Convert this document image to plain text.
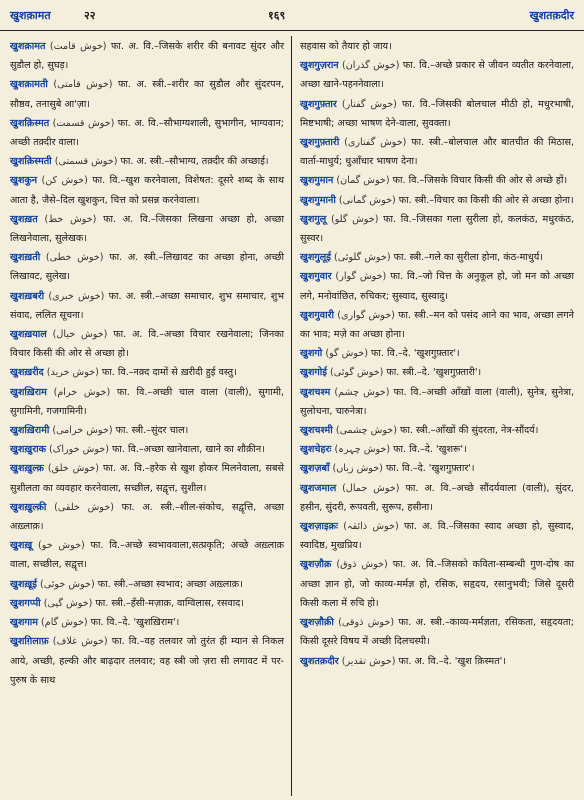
खुशक़ामत	२२	१६९	खुशतक़दीर

खुशक़ामत (خوش قامت) फा. अ. वि.–जिसके शरीर की बनावट सुंदर और सुडौल हो, सुघड़।

खुशक़ामती (خوش قامتی) फा. अ. स्त्री.–शरीर का सुडौल और सुंदरपन, सौष्ठव, तनासुबे आ'ज़ा।

खुशक़िस्मत (خوش قسمت) फा. अ. वि.–सौभाग्यशाली, सुभागीन, भाग्यवान; अच्छी तक़्दीर वाला।

खुशक़िस्मती (خوش قسمتی) फा. अ. स्त्री.–सौभाग्य, तक़्दीर की अच्छाई।

खुशकुन (خوش کن) फा. वि.–खुश करनेवाला, विशेषत: दूसरे शब्द के साथ आता है, जैसे–दिल खुशकुन, चित्त को प्रसन्न करनेवाला।

खुशख़त (خوش خط) फा. अ. वि.–जिसका लिखना अच्छा हो, अच्छा लिखनेवाला, सुलेखक।

खुशख़ती (خوش خطی) फा. अ. स्त्री.–लिखावट का अच्छा होना, अच्छी लिखावट, सुलेख।

खुशख़बरी (خوش خبری) फा. अ. स्त्री.–अच्छा समाचार, शुभ समाचार, शुभ संवाद, ललित सूचना।

खुशख़याल (خوش خیال) फा. अ. वि.–अच्छा विचार रखनेवाला; जिनका विचार किसी की ओर से अच्छा हो।

खुशख़रीद (خوش خرید) फा. वि.–नक़्द दामों से ख़रीदी हुई वस्तु।

खुशख़िराम (خوش خرام) फा. वि.–अच्छी चाल वाला (वाली), सुगामी, सुगामिनी, गजगामिनी।

खुशख़िरामी (خوش خرامی) फा. स्त्री.–सुंदर चाल।

खुशख़ुराक (خوش خوراک) फा. वि.–अच्छा खानेवाला, खाने का शौक़ीन।

खुशख़ुल्क़ (خوش خلق) फा. अ. वि.–हरेक से खुश होकर मिलनेवाला, सबसे सुशीलता का व्यवहार करनेवाला, सच्छील, सद्वृत्त, सुशील।

खुशख़ुल्क़ी (خوش خلقی) फा. अ. स्त्री.–शील-संकोच, सद्वृत्ति, अच्छा अख़्लाक़।

खुशख़ू (خوش خو) फा. वि.–अच्छे स्वभाववाला,सत्प्रकृति; अच्छे अख़्लाक़ वाला, सच्छील, सद्वृत्त।

खुशख़ूई (خوش خوئی) फा. स्त्री.–अच्छा स्वभाव; अच्छा अख़्लाक़।

खुशगप्पी (خوش گپی) फा. स्त्री.–हँसी-मज़ाक़, वाग्विलास, रसवाद।

खुशगाम (خوش گام) फा. वि.–दे. 'खुशख़िराम'।

खुशग़िलाफ़ (خوش غلاف) फा. वि.–वह तलवार जो तुरंत ही म्यान से निकल आये, अच्छी, हल्की और बाढ़दार तलवार; वह स्त्री जो ज़रा सी लगावट में पर-पुरुष के साथ

सहवास को तैयार हो जाय।

खुशगुज़रान (خوش گذران) फा. वि.–अच्छे प्रकार से जीवन व्यतीत करनेवाला, अच्छा खाने-पहननेवाला।

खुशगुफ़्तार (خوش گفتار) फा. वि.–जिसकी बोलचाल मीठी हो, मधुरभाषी, मिष्टभाषी; अच्छा भाषण देने-वाला, सुवक्ता।

खुशगुफ़्तारी (خوش گفتاری) फा. स्त्री.–बोलचाल और बातचीत की मिठास, वार्ता-माधुर्य; धुआँधार भाषण देना।

खुशगुमान (خوش گمان) फा. वि.–जिसके विचार किसी की ओर से अच्छे हों।

खुशगुमानी (خوش گمانی) फा. स्त्री.–विचार का किसी की ओर से अच्छा होना।

खुशगुलू (خوش گلو) फा. वि.–जिसका गला सुरीला हो, कलकंठ, मधुरकंठ, सुस्वर।

खुशगुलूई (خوش گلوئی) फा. स्त्री.–गले का सुरीला होना, कंठ-माधुर्य।

खुशगुवार (خوش گوار) फा. वि.–जो चित्त के अनुकूल हो, जो मन को अच्छा लगे, मनोवांछित, रुचिकर; सुस्वाद, सुस्वादु।

खुशगुवारी (خوش گواری) फा. स्त्री.–मन को पसंद आने का भाव, अच्छा लगने का भाव; मज़े का अच्छा होना।

खुशगो (خوش گو) फा. वि.–दे. 'खुशगुफ़्तार'।

खुशगोई (خوش گوئی) फा. स्त्री.–दे. 'खुशगुफ़्तारी'।

खुशचश्म (خوش چشم) फा. वि.–अच्छी आँखों वाला (वाली), सुनेत्र, सुनेत्रा, सुलोचना, चारुनेत्रा।

खुशचश्मी (خوش چشمی) फा. स्त्री.–आँखों की सुंदरता, नेत्र-सौंदर्य।

खुशचेहरः (خوش چہرہ) फा. वि.–दे. 'खुशरू'।

खुशज़बाँ (خوش زباں) फा. वि.–दे. 'खुशगुफ़्तार'।

खुशजमाल (خوش جمال) फा. अ. वि.–अच्छे सौंदर्यवाला (वाली), सुंदर, हसीन, सुंदरी, रूपवती, सुरूप, हसीना।

खुशज़ाइक़ः (خوش ذائقہ) फा. अ. वि.–जिसका स्वाद अच्छा हो, सुस्वाद, स्वादिष्ठ, मुखप्रिय।

खुशज़ौक़ (خوش ذوق) फा. अ. वि.–जिसको कविता-सम्बन्धी गुण-दोष का अच्छा ज्ञान हो, जो काव्य-मर्मज्ञ हो, रसिक, सहृदय, रसानुभवी; जिसे दूसरी किसी कला में रुचि हो।

खुशज़ौक़ी (خوش ذوقی) फा. अ. स्त्री.–काव्य-मर्मज्ञता, रसिकता, सहृदयता; किसी दूसरे विषय में अच्छी दिलचस्पी।

खुशतक़दीर (خوش تقدیر) फा. अ. वि.–दे. 'खुश क़िस्मत'।
